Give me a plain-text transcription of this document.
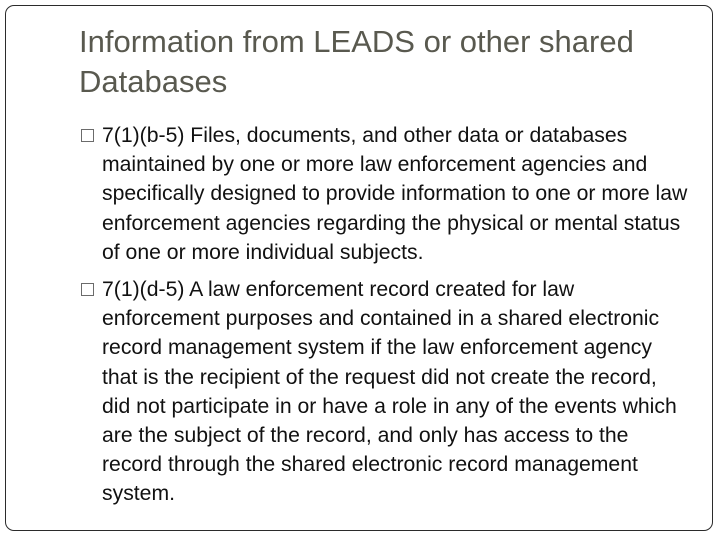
Information from LEADS or other shared Databases

7(1)(b-5) Files, documents, and other data or databases maintained by one or more law enforcement agencies and specifically designed to provide information to one or more law enforcement agencies regarding the physical or mental status of one or more individual subjects.

7(1)(d-5) A law enforcement record created for law enforcement purposes and contained in a shared electronic record management system if the law enforcement agency that is the recipient of the request did not create the record, did not participate in or have a role in any of the events which are the subject of the record, and only has access to the record through the shared electronic record management system.
